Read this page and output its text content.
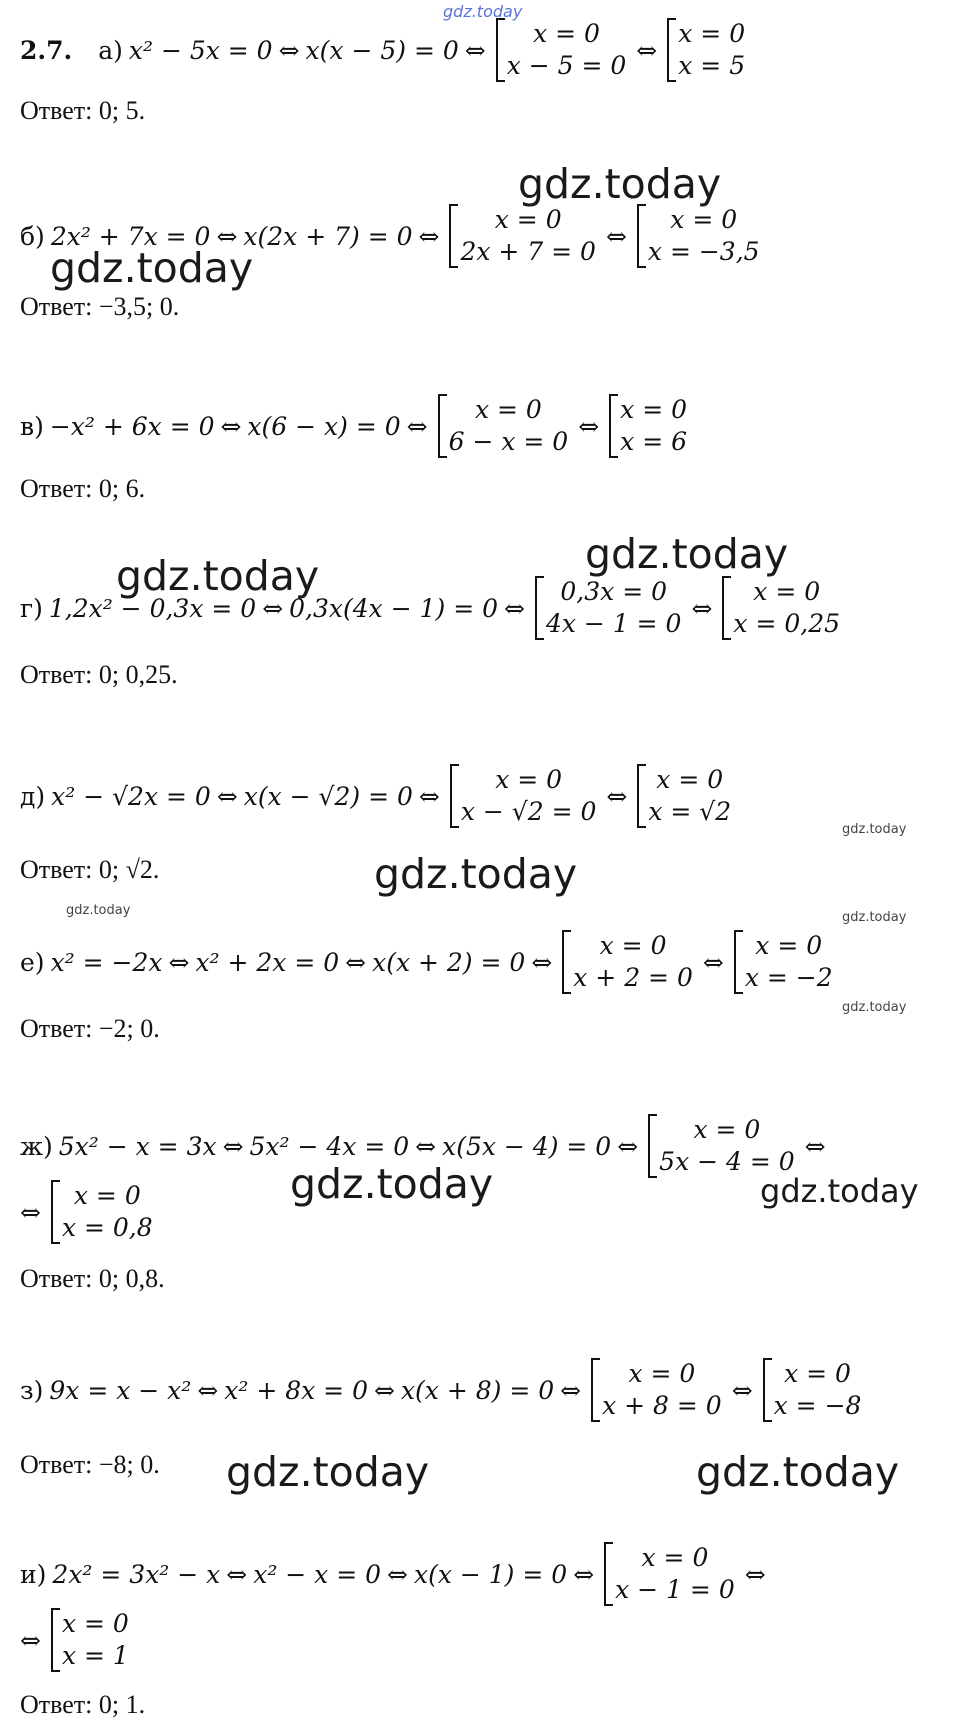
gdz.today
2.7. а) x² − 5x = 0 ⇔ x(x − 5) = 0 ⇔
x = 0
x − 5 = 0
⇔
x = 0
x = 5
Ответ: 0; 5.
gdz.today
б) 2x² + 7x = 0 ⇔ x(2x + 7) = 0 ⇔
x = 0
2x + 7 = 0
⇔
x = 0
x = −3,5
gdz.today
Ответ: −3,5; 0.
в) −x² + 6x = 0 ⇔ x(6 − x) = 0 ⇔
x = 0
6 − x = 0
⇔
x = 0
x = 6
Ответ: 0; 6.
gdz.today
gdz.today
г) 1,2x² − 0,3x = 0 ⇔ 0,3x(4x − 1) = 0 ⇔
0,3x = 0
4x − 1 = 0
⇔
x = 0
x = 0,25
Ответ: 0; 0,25.
д) x² − √2x = 0 ⇔ x(x − √2) = 0 ⇔
x = 0
x − √2 = 0
⇔
x = 0
x = √2
gdz.today
Ответ: 0; √2.	gdz.today
gdz.today	gdz.today
е) x² = −2x ⇔ x² + 2x = 0 ⇔ x(x + 2) = 0 ⇔
x = 0
x + 2 = 0
⇔
x = 0
x = −2
gdz.today
Ответ: −2; 0.
ж) 5x² − x = 3x ⇔ 5x² − 4x = 0 ⇔ x(5x − 4) = 0 ⇔
x = 0
5x − 4 = 0
⇔
⇔
x = 0
x = 0,8
gdz.today	gdz.today
Ответ: 0; 0,8.
з) 9x = x − x² ⇔ x² + 8x = 0 ⇔ x(x + 8) = 0 ⇔
x = 0
x + 8 = 0
⇔
x = 0
x = −8
Ответ: −8; 0. gdz.today	gdz.today
и) 2x² = 3x² − x ⇔ x² − x = 0 ⇔ x(x − 1) = 0 ⇔
x = 0
x − 1 = 0
⇔
⇔
x = 0
x = 1
Ответ: 0; 1.
